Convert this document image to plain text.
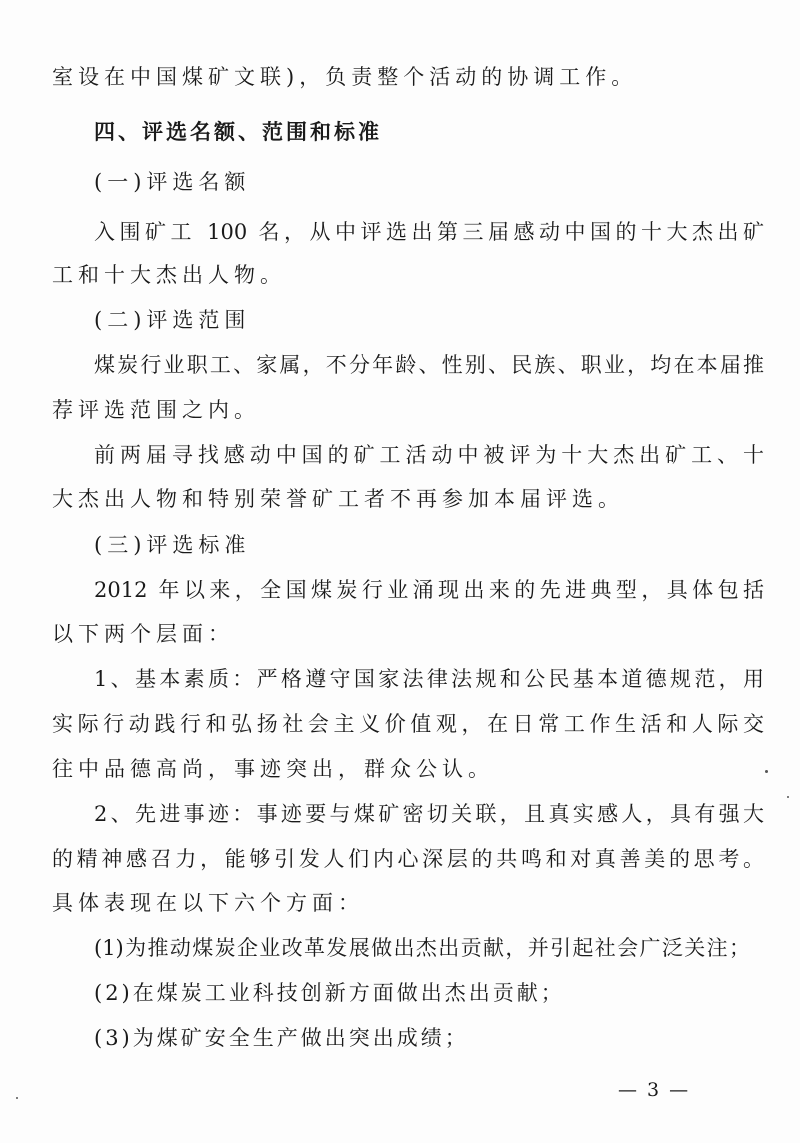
室设在中国煤矿文联)，负责整个活动的协调工作。
四、评选名额、范围和标准
(一)评选名额
入围矿工 100 名，从中评选出第三届感动中国的十大杰出矿
工和十大杰出人物。
(二)评选范围
煤炭行业职工、家属，不分年龄、性别、民族、职业，均在本届推
荐评选范围之内。
前两届寻找感动中国的矿工活动中被评为十大杰出矿工、十
大杰出人物和特别荣誉矿工者不再参加本届评选。
(三)评选标准
2012 年以来，全国煤炭行业涌现出来的先进典型，具体包括
以下两个层面：
1、基本素质：严格遵守国家法律法规和公民基本道德规范，用
实际行动践行和弘扬社会主义价值观，在日常工作生活和人际交
往中品德高尚，事迹突出，群众公认。
2、先进事迹：事迹要与煤矿密切关联，且真实感人，具有强大
的精神感召力，能够引发人们内心深层的共鸣和对真善美的思考。
具体表现在以下六个方面：
(1)为推动煤炭企业改革发展做出杰出贡献，并引起社会广泛关注；
(2)在煤炭工业科技创新方面做出杰出贡献；
(3)为煤矿安全生产做出突出成绩；
— 3 —
